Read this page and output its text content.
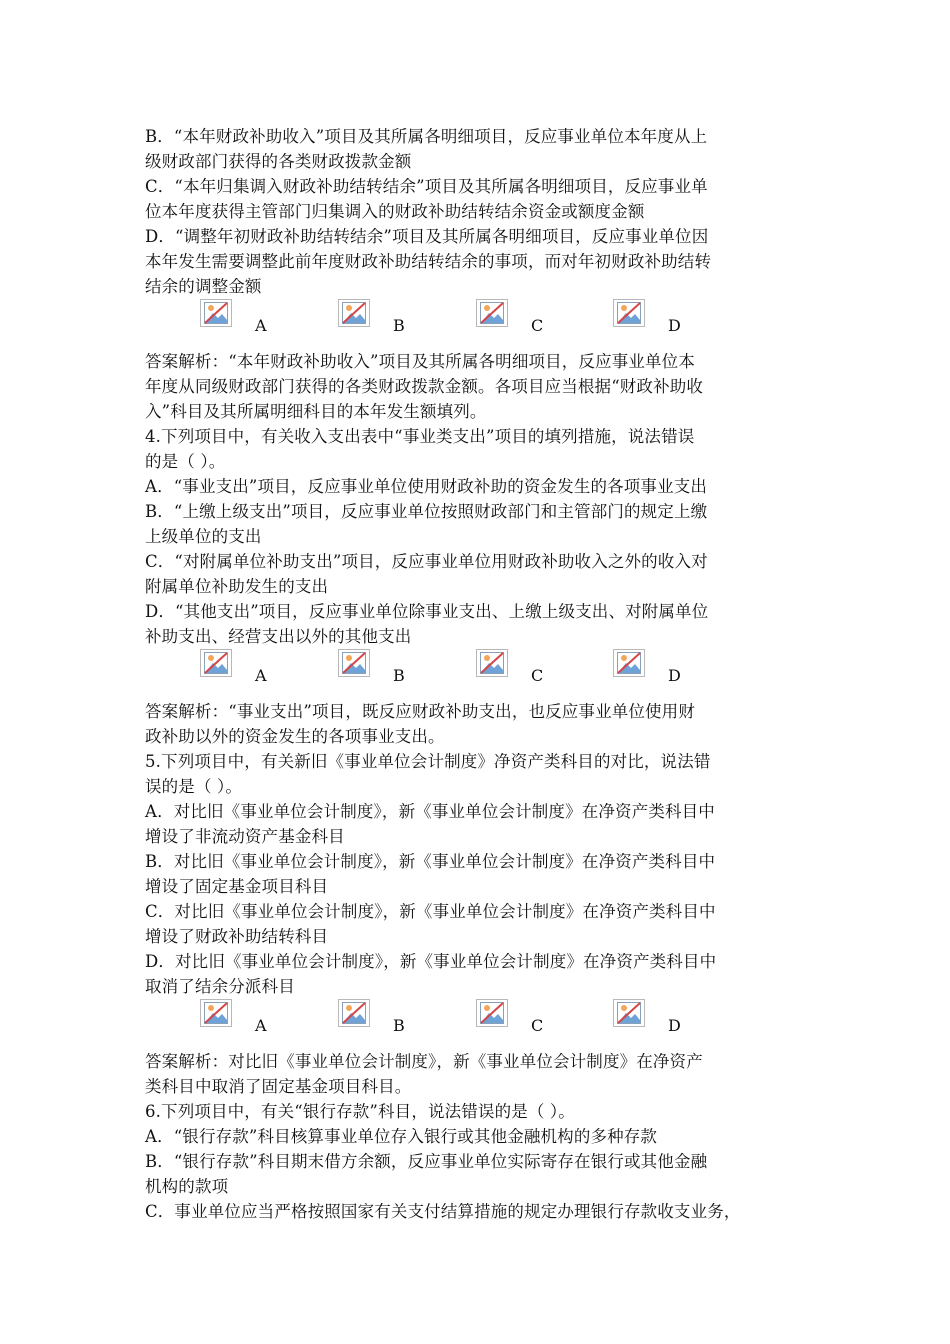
B．“本年财政补助收入”项目及其所属各明细项目，反应事业单位本年度从上
级财政部门获得的各类财政拨款金额
C．“本年归集调入财政补助结转结余”项目及其所属各明细项目，反应事业单
位本年度获得主管部门归集调入的财政补助结转结余资金或额度金额
D．“调整年初财政补助结转结余”项目及其所属各明细项目，反应事业单位因
本年发生需要调整此前年度财政补助结转结余的事项，而对年初财政补助结转
结余的调整金额
A	B	C	D
答案解析：“本年财政补助收入”项目及其所属各明细项目，反应事业单位本
年度从同级财政部门获得的各类财政拨款金额。各项目应当根据“财政补助收
入”科目及其所属明细科目的本年发生额填列。
4.下列项目中，有关收入支出表中“事业类支出”项目的填列措施，说法错误
的是（ ）。
A．“事业支出”项目，反应事业单位使用财政补助的资金发生的各项事业支出
B．“上缴上级支出”项目，反应事业单位按照财政部门和主管部门的规定上缴
上级单位的支出
C．“对附属单位补助支出”项目，反应事业单位用财政补助收入之外的收入对
附属单位补助发生的支出
D．“其他支出”项目，反应事业单位除事业支出、上缴上级支出、对附属单位
补助支出、经营支出以外的其他支出
A	B	C	D
答案解析：“事业支出”项目，既反应财政补助支出，也反应事业单位使用财
政补助以外的资金发生的各项事业支出。
5.下列项目中，有关新旧《事业单位会计制度》净资产类科目的对比，说法错
误的是（ ）。
A．对比旧《事业单位会计制度》，新《事业单位会计制度》在净资产类科目中
增设了非流动资产基金科目
B．对比旧《事业单位会计制度》，新《事业单位会计制度》在净资产类科目中
增设了固定基金项目科目
C．对比旧《事业单位会计制度》，新《事业单位会计制度》在净资产类科目中
增设了财政补助结转科目
D．对比旧《事业单位会计制度》，新《事业单位会计制度》在净资产类科目中
取消了结余分派科目
A	B	C	D
答案解析：对比旧《事业单位会计制度》，新《事业单位会计制度》在净资产
类科目中取消了固定基金项目科目。
6.下列项目中，有关“银行存款”科目，说法错误的是（ ）。
A．“银行存款”科目核算事业单位存入银行或其他金融机构的多种存款
B．“银行存款”科目期末借方余额，反应事业单位实际寄存在银行或其他金融
机构的款项
C．事业单位应当严格按照国家有关支付结算措施的规定办理银行存款收支业务，
